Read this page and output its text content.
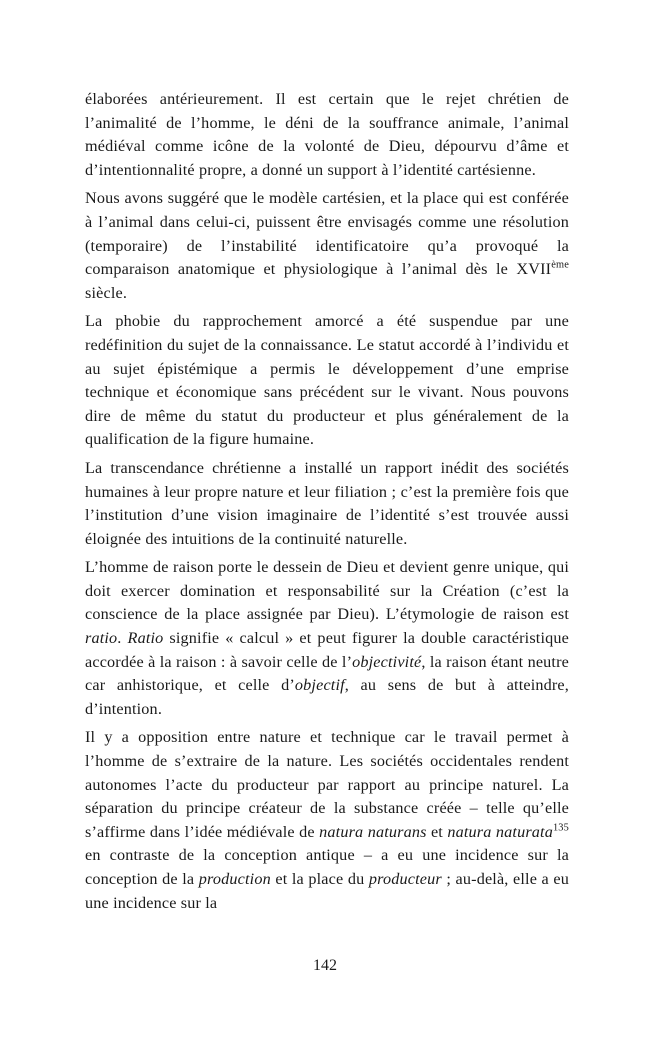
élaborées antérieurement. Il est certain que le rejet chrétien de l’animalité de l’homme, le déni de la souffrance animale, l’animal médiéval comme icône de la volonté de Dieu, dépourvu d’âme et d’intentionnalité propre, a donné un support à l’identité cartésienne.

Nous avons suggéré que le modèle cartésien, et la place qui est conférée à l’animal dans celui-ci, puissent être envisagés comme une résolution (temporaire) de l’instabilité identificatoire qu’a provoqué la comparaison anatomique et physiologique à l’animal dès le XVIIème siècle.

La phobie du rapprochement amorcé a été suspendue par une redéfinition du sujet de la connaissance. Le statut accordé à l’individu et au sujet épistémique a permis le développement d’une emprise technique et économique sans précédent sur le vivant. Nous pouvons dire de même du statut du producteur et plus généralement de la qualification de la figure humaine.

La transcendance chrétienne a installé un rapport inédit des sociétés humaines à leur propre nature et leur filiation ; c’est la première fois que l’institution d’une vision imaginaire de l’identité s’est trouvée aussi éloignée des intuitions de la continuité naturelle.

L’homme de raison porte le dessein de Dieu et devient genre unique, qui doit exercer domination et responsabilité sur la Création (c’est la conscience de la place assignée par Dieu). L’étymologie de raison est ratio. Ratio signifie « calcul » et peut figurer la double caractéristique accordée à la raison : à savoir celle de l’objectivité, la raison étant neutre car anhistorique, et celle d’objectif, au sens de but à atteindre, d’intention.

Il y a opposition entre nature et technique car le travail permet à l’homme de s’extraire de la nature. Les sociétés occidentales rendent autonomes l’acte du producteur par rapport au principe naturel. La séparation du principe créateur de la substance créée – telle qu’elle s’affirme dans l’idée médiévale de natura naturans et natura naturata$^{135}$ en contraste de la conception antique – a eu une incidence sur la conception de la production et la place du producteur ; au-delà, elle a eu une incidence sur la

142
